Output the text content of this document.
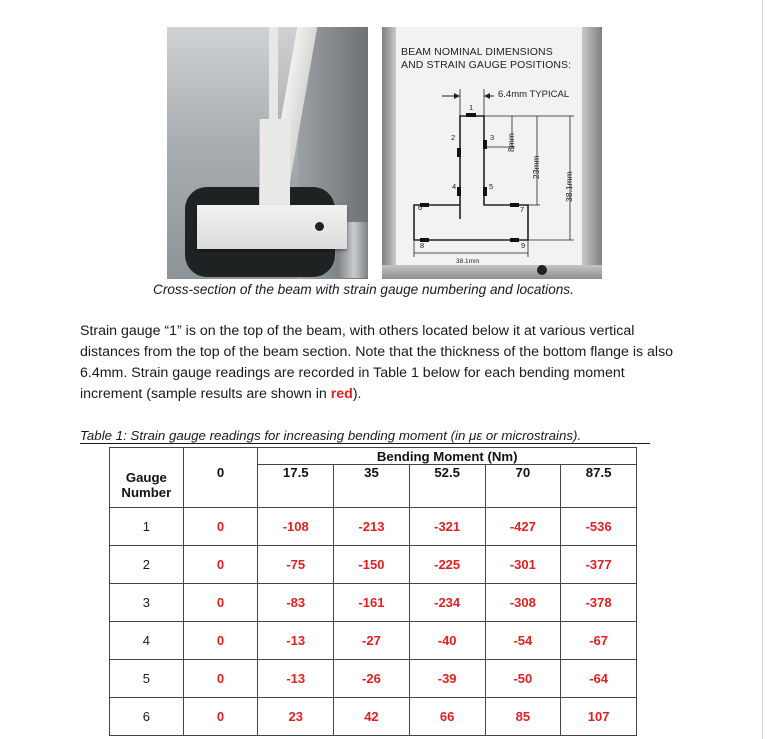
BEAM NOMINAL DIMENSIONS
AND STRAIN GAUGE POSITIONS:
6.4mm TYPICAL
8mm
23mm
38.1mm
38.1mm
1
2	3
4	5
6	7
8	9
Cross-section of the beam with strain gauge numbering and locations.
Strain gauge “1” is on the top of the beam, with others located below it at various vertical distances from the top of the beam section. Note that the thickness of the bottom flange is also 6.4mm. Strain gauge readings are recorded in Table 1 below for each bending moment increment (sample results are shown in red).
Table 1: Strain gauge readings for increasing bending moment (in με or microstrains).
Gauge
Number		Bending Moment (Nm)				
	0	17.5	35	52.5	70	87.5
1	0	-108	-213	-321	-427	-536
2	0	-75	-150	-225	-301	-377
3	0	-83	-161	-234	-308	-378
4	0	-13	-27	-40	-54	-67
5	0	-13	-26	-39	-50	-64
6	0	23	42	66	85	107
